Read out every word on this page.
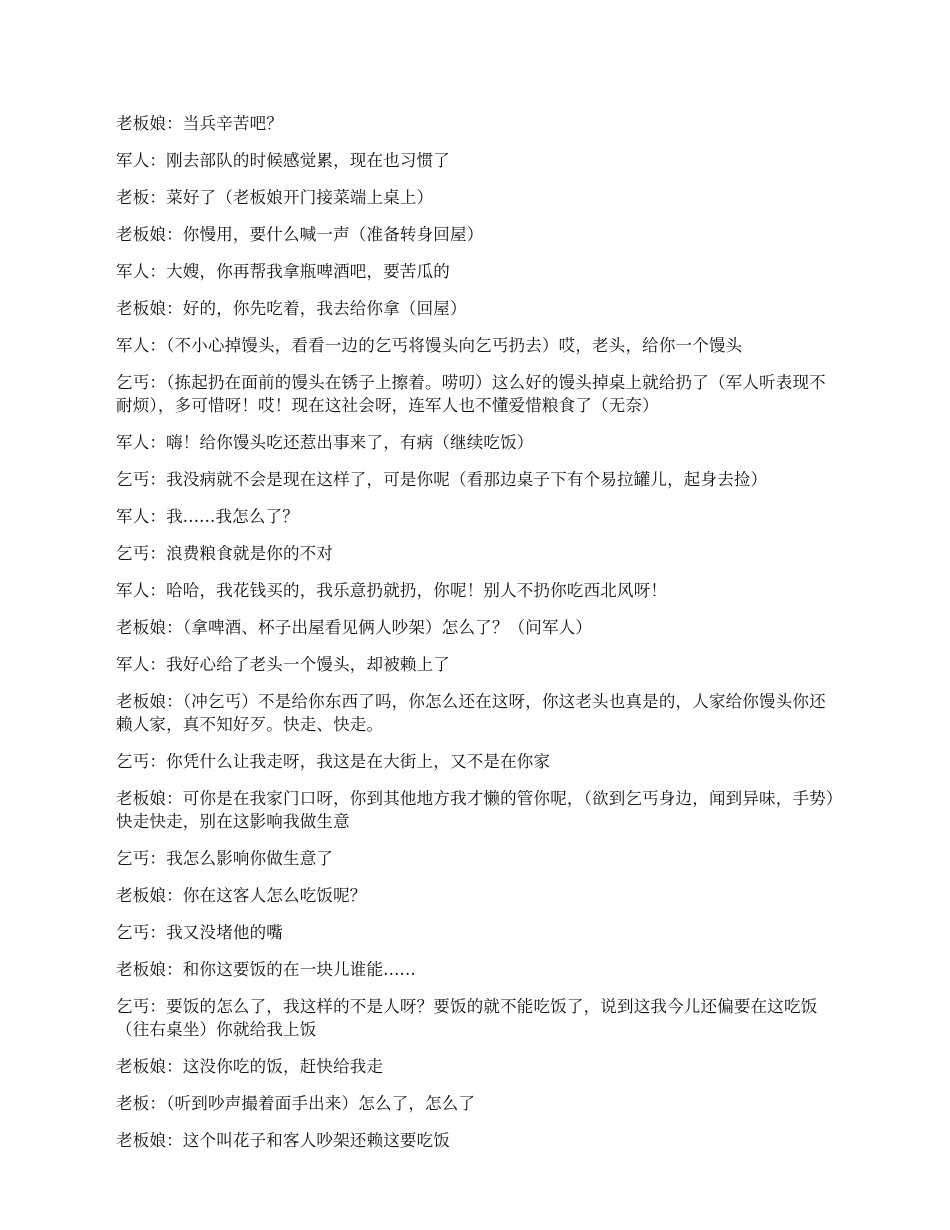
老板娘：当兵辛苦吧？

军人：刚去部队的时候感觉累，现在也习惯了

老板：菜好了（老板娘开门接菜端上桌上）

老板娘：你慢用，要什么喊一声（准备转身回屋）

军人：大嫂，你再帮我拿瓶啤酒吧，要苦瓜的

老板娘：好的，你先吃着，我去给你拿（回屋）

军人：（不小心掉馒头，看看一边的乞丐将馒头向乞丐扔去）哎，老头，给你一个馒头

乞丐：（拣起扔在面前的馒头在锈子上擦着。唠叨）这么好的馒头掉桌上就给扔了（军人听表现不耐烦），多可惜呀！哎！现在这社会呀，连军人也不懂爱惜粮食了（无奈）

军人：嗨！给你馒头吃还惹出事来了，有病（继续吃饭）

乞丐：我没病就不会是现在这样了，可是你呢（看那边桌子下有个易拉罐儿，起身去捡）

军人：我......我怎么了？

乞丐：浪费粮食就是你的不对

军人：哈哈，我花钱买的，我乐意扔就扔，你呢！别人不扔你吃西北风呀！

老板娘：（拿啤酒、杯子出屋看见俩人吵架）怎么了？（问军人）

军人：我好心给了老头一个馒头，却被赖上了

老板娘：（冲乞丐）不是给你东西了吗，你怎么还在这呀，你这老头也真是的，人家给你馒头你还赖人家，真不知好歹。快走、快走。

乞丐：你凭什么让我走呀，我这是在大街上，又不是在你家

老板娘：可你是在我家门口呀，你到其他地方我才懒的管你呢，（欲到乞丐身边，闻到异味，手势）快走快走，别在这影响我做生意

乞丐：我怎么影响你做生意了

老板娘：你在这客人怎么吃饭呢？

乞丐：我又没堵他的嘴

老板娘：和你这要饭的在一块儿谁能......

乞丐：要饭的怎么了，我这样的不是人呀？要饭的就不能吃饭了，说到这我今儿还偏要在这吃饭（往右桌坐）你就给我上饭

老板娘：这没你吃的饭，赶快给我走

老板：（听到吵声撮着面手出来）怎么了，怎么了

老板娘：这个叫花子和客人吵架还赖这要吃饭
